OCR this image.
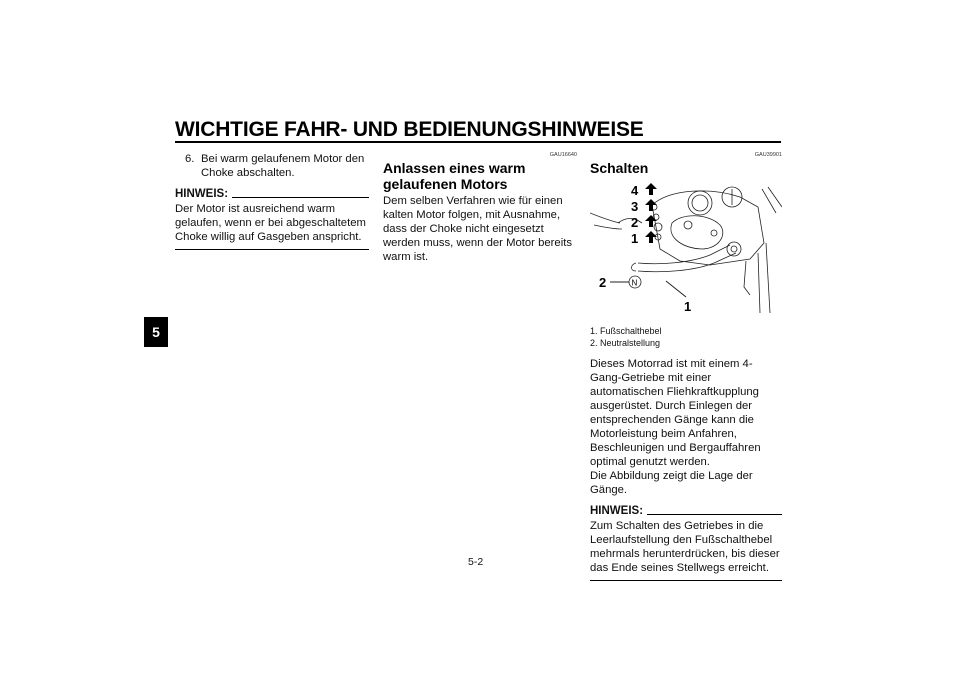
WICHTIGE FAHR- UND BEDIENUNGSHINWEISE
5
6. Bei warm gelaufenem Motor den Choke abschalten.
HINWEIS:
Der Motor ist ausreichend warm gelaufen, wenn er bei abgeschaltetem Choke willig auf Gasgeben anspricht.
GAU16640
Anlassen eines warm gelaufenen Motors
Dem selben Verfahren wie für einen kalten Motor folgen, mit Ausnahme, dass der Choke nicht eingesetzt werden muss, wenn der Motor bereits warm ist.
GAU39901
Schalten
4
3
2
1
2
1
N
1. Fußschalthebel
2. Neutralstellung
Dieses Motorrad ist mit einem 4-Gang-Getriebe mit einer automatischen Fliehkraftkupplung ausgerüstet. Durch Einlegen der entsprechenden Gänge kann die Motorleistung beim Anfahren, Beschleunigen und Bergauffahren optimal genutzt werden.
Die Abbildung zeigt die Lage der Gänge.
HINWEIS:
Zum Schalten des Getriebes in die Leerlaufstellung den Fußschalthebel mehrmals herunterdrücken, bis dieser das Ende seines Stellwegs erreicht.
5-2
